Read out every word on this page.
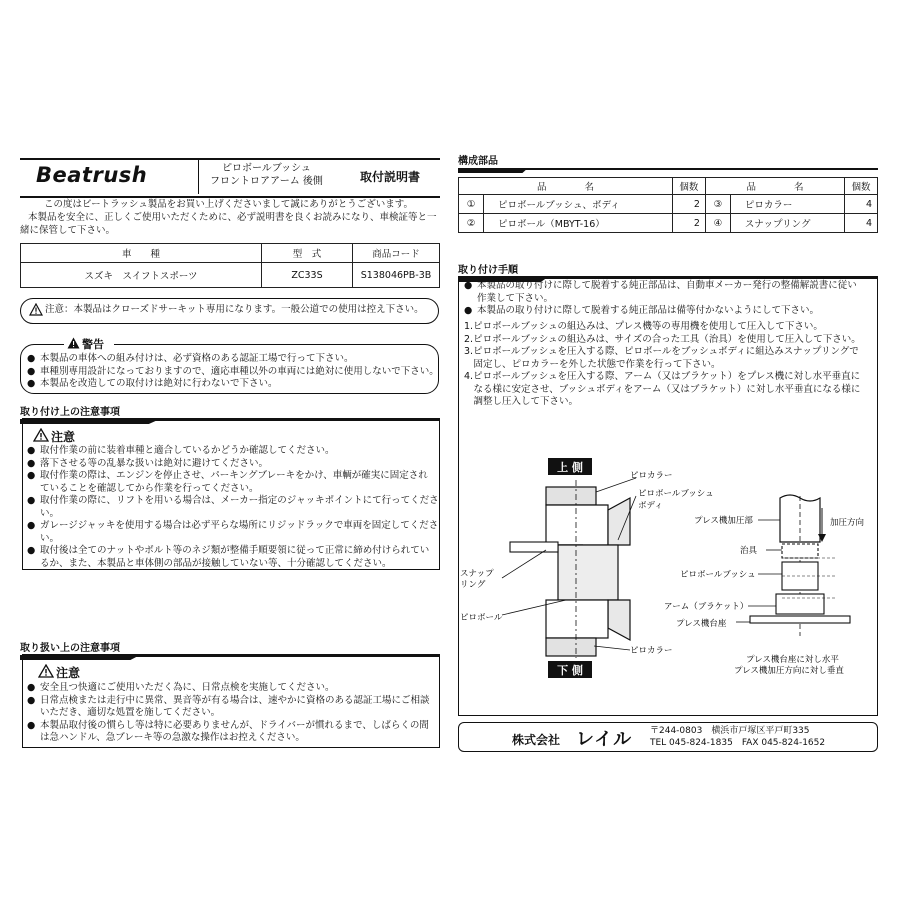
Beatrush	ピロボールブッシュ
フロントロアアーム 後側	取付説明書
この度はビートラッシュ製品をお買い上げくださいまして誠にありがとうございます。
本製品を安全に、正しくご使用いただくために、必ず説明書を良くお読みになり、車検証等と一
緒に保管して下さい。
車　　種	型　式	商品コード
スズキ　スイフトスポーツ	ZC33S	S138046PB-3B
注意：本製品はクローズドサーキット専用になります。一般公道での使用は控え下さい。
警告
● 本製品の車体への組み付けは、必ず資格のある認証工場で行って下さい。
● 車種別専用設計になっておりますので、適応車種以外の車両には絶対に使用しないで下さい。
● 本製品を改造しての取付けは絶対に行わないで下さい。
取り付け上の注意事項
注意
● 取付作業の前に装着車種と適合しているかどうか確認してください。
● 落下させる等の乱暴な扱いは絶対に避けてください。
● 取付作業の際は、エンジンを停止させ、パーキングブレーキをかけ、車輌が確実に固定され
ていることを確認してから作業を行ってください。
● 取付作業の際に、リフトを用いる場合は、メーカー指定のジャッキポイントにて行ってくださ
い。
● ガレージジャッキを使用する場合は必ず平らな場所にリジッドラックで車両を固定してくださ
い。
● 取付後は全てのナットやボルト等のネジ類が整備手順要領に従って正常に締め付けられてい
るか、また、本製品と車体側の部品が接触していない等、十分確認してください。
取り扱い上の注意事項
注意
● 安全且つ快適にご使用いただく為に、日常点検を実施してください。
● 日常点検または走行中に異常、異音等が有る場合は、速やかに資格のある認証工場にご相談
いただき、適切な処置を施してください。
● 本製品取付後の慣らし等は特に必要ありませんが、ドライバーが慣れるまで、しばらくの間
は急ハンドル、急ブレーキ等の急激な操作はお控えください。
構成部品
品　　　　名		個数	品　　　　名		個数
①	ピロボールブッシュ、ボディ	2	③	ピロカラー	4
②	ピロボール（MBYT-16）	2	④	スナップリング	4
取り付け手順
● 本製品の取り付けに際して脱着する純正部品は、自動車メーカー発行の整備解説書に従い
作業して下さい。
● 本製品の取り付けに際して脱着する純正部品は備等付かないようにして下さい。
1.ピロボールブッシュの組込みは、プレス機等の専用機を使用して圧入して下さい。
2.ピロボールブッシュの組込みは、サイズの合った工具（治具）を使用して圧入して下さい。
3.ピロボールブッシュを圧入する際、ピロボールをブッシュボディに組込みスナップリングで
　固定し、ピロカラーを外した状態で作業を行って下さい。
4.ピロボールブッシュを圧入する際、アーム（又はブラケット）をプレス機に対し水平垂直に
　なる様に安定させ、ブッシュボディをアーム（又はブラケット）に対し水平垂直になる様に
　調整し圧入して下さい。
上 側
下 側
ピロカラー
ピロボールブッシュ
ボディ
スナップ
リング
ピロボール
ピロカラー
プレス機加圧部	加圧方向
治具
ピロボールブッシュ
アーム（ブラケット）
プレス機台座
プレス機台座に対し水平
プレス機加圧方向に対し垂直
株式会社 レイル 〒244-0803　横浜市戸塚区平戸町335
TEL 045-824-1835　FAX 045-824-1652
